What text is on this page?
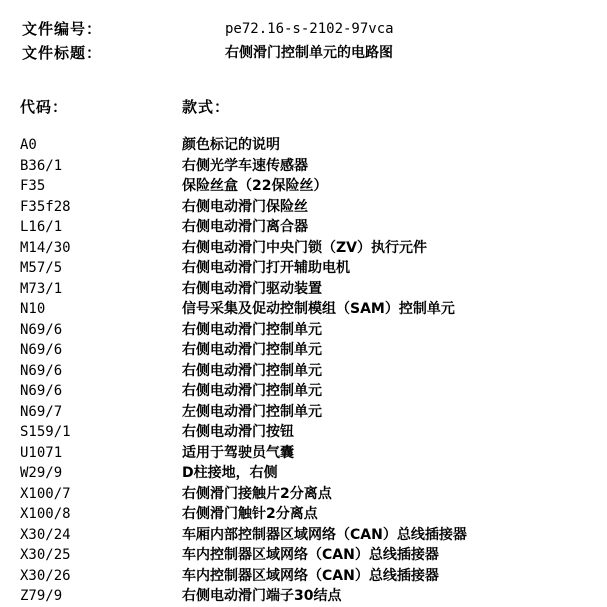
文件编号：	pe72.16-s-2102-97vca
文件标题：	右侧滑门控制单元的电路图
代码：	款式：
A0	颜色标记的说明
B36/1	右侧光学车速传感器
F35	保险丝盒（22保险丝）
F35f28	右侧电动滑门保险丝
L16/1	右侧电动滑门离合器
M14/30	右侧电动滑门中央门锁（ZV）执行元件
M57/5	右侧电动滑门打开辅助电机
M73/1	右侧电动滑门驱动装置
N10	信号采集及促动控制模组（SAM）控制单元
N69/6	右侧电动滑门控制单元
N69/6	右侧电动滑门控制单元
N69/6	右侧电动滑门控制单元
N69/6	右侧电动滑门控制单元
N69/7	左侧电动滑门控制单元
S159/1	右侧电动滑门按钮
U1071	适用于驾驶员气囊
W29/9	D柱接地，右侧
X100/7	右侧滑门接触片2分离点
X100/8	右侧滑门触针2分离点
X30/24	车厢内部控制器区域网络（CAN）总线插接器
X30/25	车内控制器区域网络（CAN）总线插接器
X30/26	车内控制器区域网络（CAN）总线插接器
Z79/9	右侧电动滑门端子30结点
